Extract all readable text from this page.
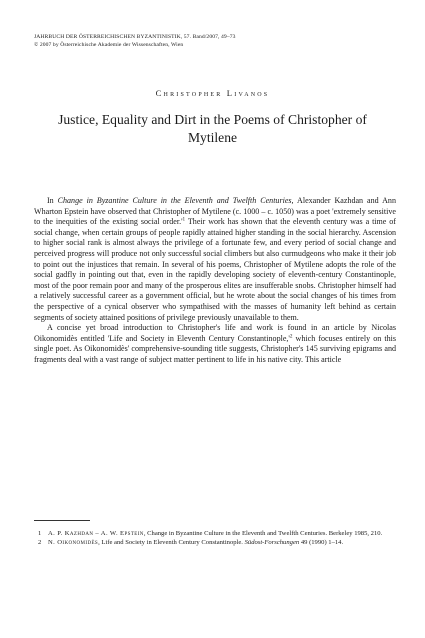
JAHRBUCH DER ÖSTERREICHISCHEN BYZANTINISTIK, 57. Band/2007, 49–73
© 2007 by Österreichische Akademie der Wissenschaften, Wien
Christopher Livanos
Justice, Equality and Dirt in the Poems of Christopher of Mytilene

In Change in Byzantine Culture in the Eleventh and Twelfth Centuries, Alexander Kazhdan and Ann Wharton Epstein have observed that Christopher of Mytilene (c. 1000 – c. 1050) was a poet 'extremely sensitive to the inequities of the existing social $order.'^1$ Their work has shown that the eleventh century was a time of social change, when certain groups of people rapidly attained higher standing in the social hierarchy. Ascension to higher social rank is almost always the privilege of a fortunate few, and every period of social change and perceived progress will produce not only successful social climbers but also curmudgeons who make it their job to point out the injustices that remain. In several of his poems, Christopher of Mytilene adopts the role of the social gadfly in pointing out that, even in the rapidly developing society of eleventh-century Constantinople, most of the poor remain poor and many of the prosperous elites are insufferable snobs. Christopher himself had a relatively successful career as a government official, but he wrote about the social changes of his times from the perspective of a cynical observer who sympathised with the masses of humanity left behind as certain segments of society attained positions of privilege previously unavailable to them.

A concise yet broad introduction to Christopher's life and work is found in an article by Nicolas Oikonomidès entitled 'Life and Society in Eleventh Century $Constantinople,'^2$ which focuses entirely on this single poet. As Oikonomidès' comprehensive-sounding title suggests, Christopher's 145 surviving epigrams and fragments deal with a vast range of subject matter pertinent to life in his native city. This article

1 A. P. Kazhdan – A. W. Epstein, Change in Byzantine Culture in the Eleventh and Twelfth Centuries. Berkeley 1985, 210.
2 N. Oikonomidès, Life and Society in Eleventh Century Constantinople. Südost-Forschungen 49 (1990) 1–14.
